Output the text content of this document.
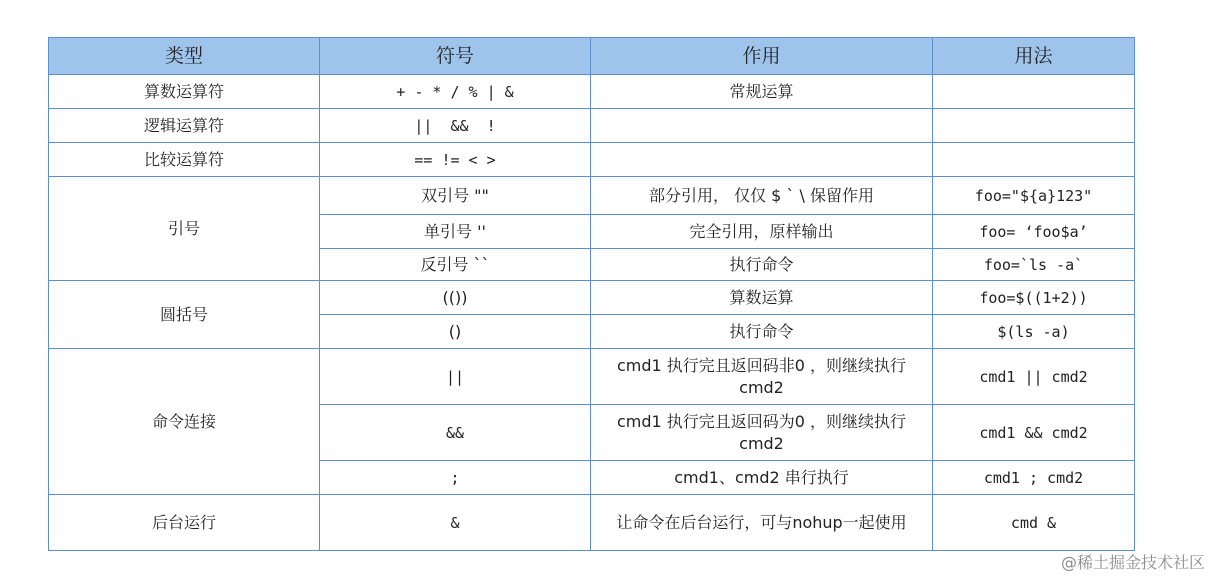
类型	符号	作用	用法
算数运算符	+ - * / % | &	常规运算	
逻辑运算符	||  &&  !		
比较运算符	== != < >		
引号	双引号 ""	部分引用， 仅仅 $ ` \ 保留作用	foo="${a}123"
	单引号 ''	完全引用，原样输出	foo= ‘foo$a’
	反引号 ``	执行命令	foo=`ls -a`
圆括号	(())	算数运算	foo=$((1+2))
	()	执行命令	$(ls -a)
命令连接	||	cmd1 执行完且返回码非0 ，则继续执行 cmd2	cmd1 || cmd2
	&&	cmd1 执行完且返回码为0 ，则继续执行 cmd2	cmd1 && cmd2
	;	cmd1、cmd2 串行执行	cmd1 ; cmd2
后台运行	&	让命令在后台运行，可与nohup一起使用	cmd &
@稀土掘金技术社区
